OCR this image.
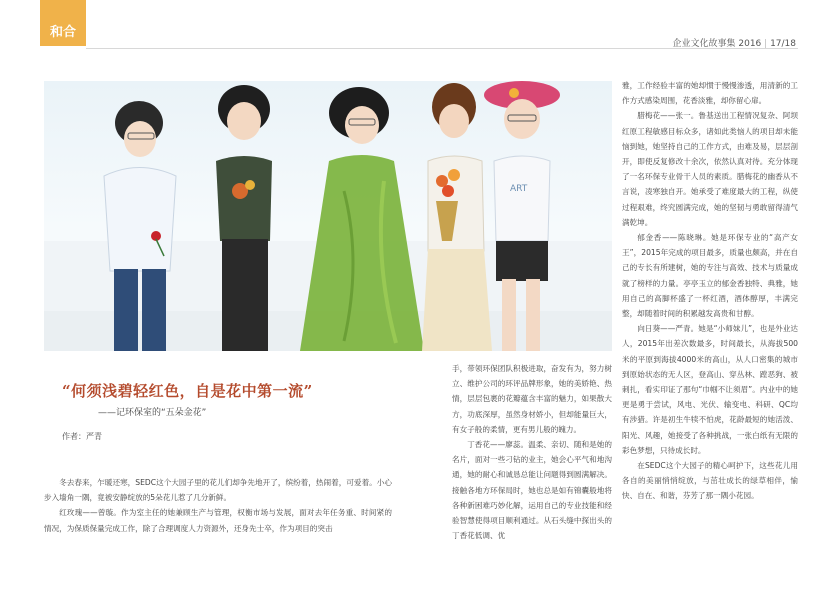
和合
企业文化故事集 2016 | 17/18
ART
“何须浅碧轻红色，自是花中第一流”
——记环保室的“五朵金花”
作者：严青

冬去春来，乍暖还寒，SEDC这个大园子里的花儿们却争先地开了，缤纷着，热闹着，可爱着。小心步入墙角一隅，竟被安静绽放的5朵花儿惹了几分新鲜。

红玫瑰——曾璇。作为室主任的她兼顾生产与管理，权衡市场与发展，面对去年任务重、时间紧的情况，为保质保量完成工作，除了合理调度人力资源外，还身先士卒，作为项目的突击

手，带领环保团队积极进取，奋发有为，努力树立、维护公司的环评品牌形象，她的美娇艳、热情，层层包裹的花瓣蕴含丰富的魅力，如果散大方，功底深厚，虽然身材娇小，但却能量巨大，有女子般的柔情，更有男儿般的魄力。

丁香花——廖蕊。温柔、亲切、随和是她的名片，面对一些刁钻的业主，她会心平气和地沟通，她的耐心和诚恳总能让问题得到圆满解决。接触各地方环保局时，她也总是如有锦囊般地将各种新困难巧妙化解，运用自己的专业技能和经验智慧使得项目顺利通过。从石头缝中探出头的丁香花低调、优

雅，工作经验丰富的她却惯于慢慢渗透，用清新的工作方式感染周围，花香淡雅，却你留心扉。

腊梅花——张一。鲁基送出工程情况复杂、阿坝红原工程敏感目标众多，诸如此类恼人的项目却未能恼到她，她坚持自己的工作方式，由难及易，层层剖开，即使反复修改十余次，依然认真对待。充分体现了一名环保专业骨干人员的素质。腊梅花的幽香从不言说，凌寒独自开。她承受了难度最大的工程，纵使过程艰难，终究圆满完成，她的坚韧与勇敢留得清气满乾坤。

郁金香——陈晓琳。她是环保专业的“高产女王”，2015年完成的项目最多，质量也颇高，并在自己的专长有所建树，她的专注与高效、技术与质量成就了榜样的力量。亭亭玉立的郁金香独特、典雅，她用自己的高脚杯盛了一杯红酒，酒体醇厚，丰满完整，却随着时间的积累越发高贵和甘醇。

向日葵——严青。她是“小师妹儿”，也是外业达人，2015年出差次数最多，时间最长，从海拔500米的平原到海拔4000米的高山，从人口密集的城市到原始状态的无人区，登高山、穿丛林、蹚恶狗、被刺扎，看实印证了那句“巾帼不让须眉”。内业中的她更是勇于尝试，风电、光伏、输变电、科研、QC均有涉猎。许是初生牛犊不怕虎，花龄最短的她活泼、阳光、风趣，她接受了各种挑战，一张白纸有无限的彩色梦想，只待成长时。

在SEDC这个大园子的精心呵护下，这些花儿用各自的美丽悄悄绽放，与茁壮成长的绿草相伴，愉快、自在、和谐，芬芳了那一隅小花园。
